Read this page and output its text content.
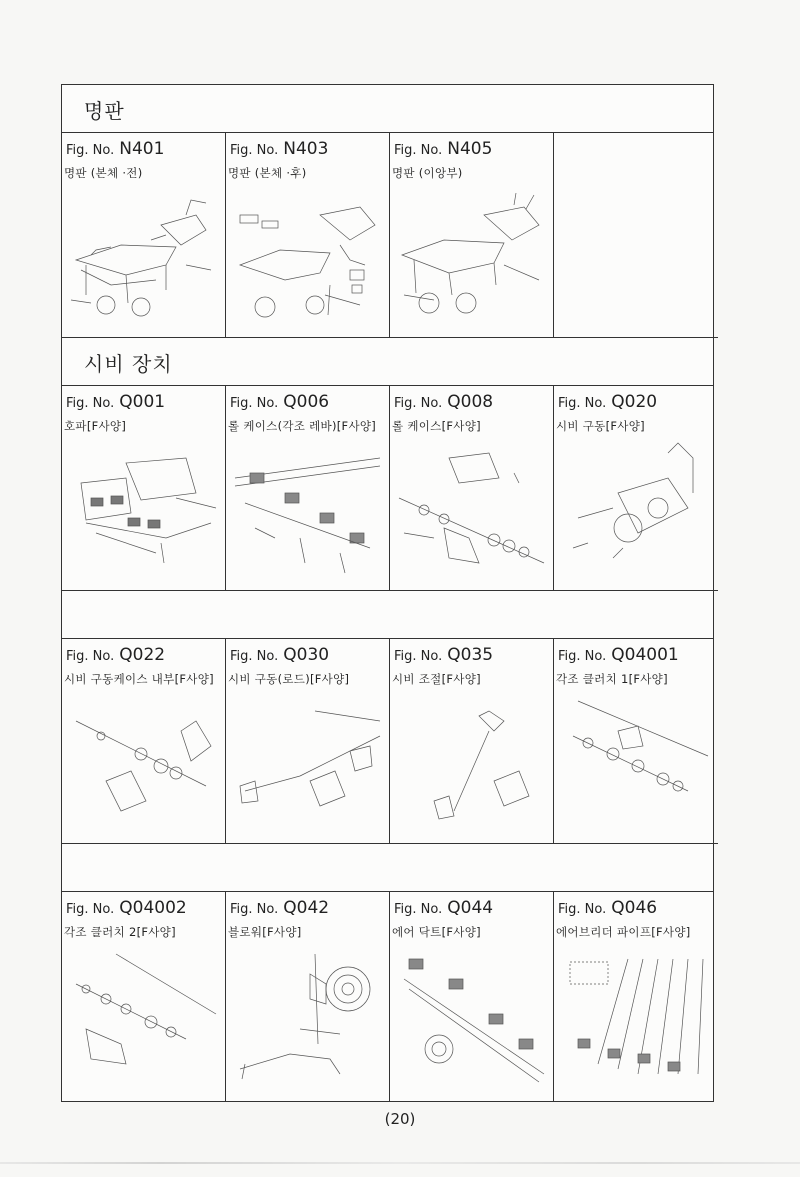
명판
Fig. No. N401
명판 (본체 ·전)
Fig. No. N403
명판 (본체 ·후)
Fig. No. N405
명판 (이앙부)
시비 장치
Fig. No. Q001
호파[F사양]
Fig. No. Q006
롤 케이스(각조 레바)[F사양]
Fig. No. Q008
롤 케이스[F사양]
Fig. No. Q020
시비 구동[F사양]
Fig. No. Q022
시비 구동케이스 내부[F사양]
Fig. No. Q030
시비 구동(로드)[F사양]
Fig. No. Q035
시비 조절[F사양]
Fig. No. Q04001
각조 클러치 1[F사양]
Fig. No. Q04002
각조 클러치 2[F사양]
Fig. No. Q042
블로워[F사양]
Fig. No. Q044
에어 닥트[F사양]
Fig. No. Q046
에어브리더 파이프[F사양]
(20)
